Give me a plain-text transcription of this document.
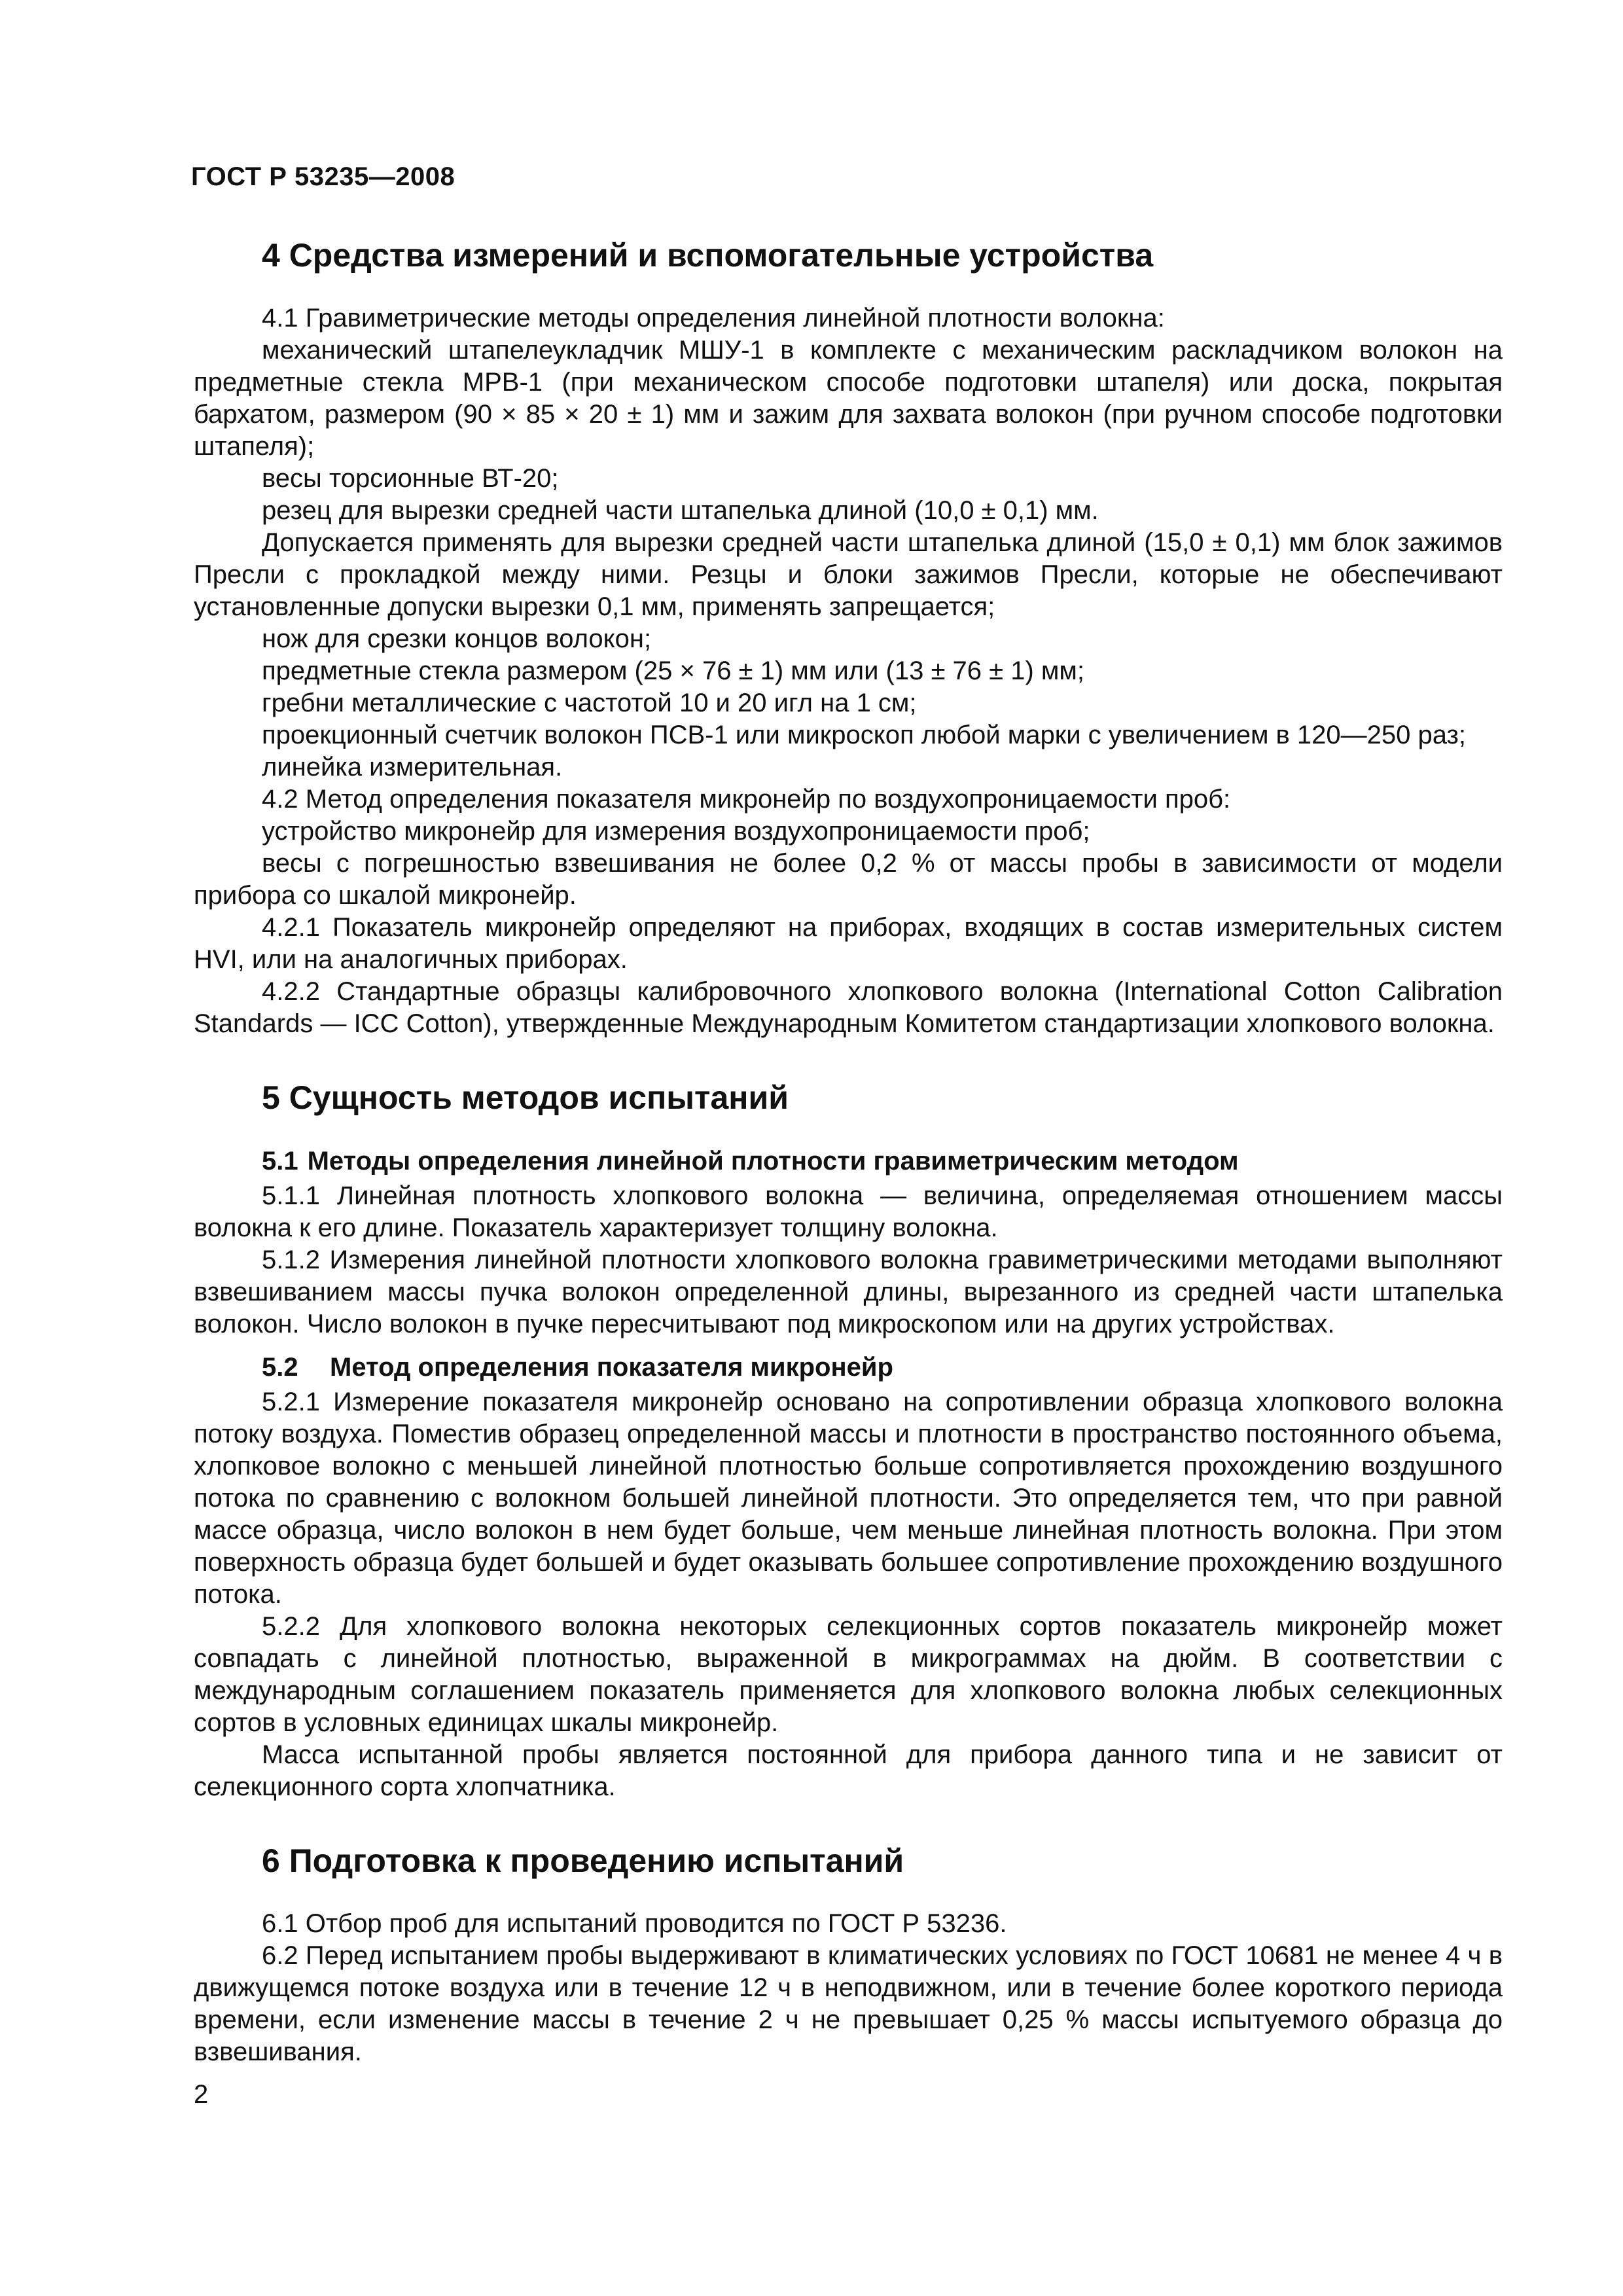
ГОСТ Р 53235—2008
4 Средства измерений и вспомогательные устройства

4.1 Гравиметрические методы определения линейной плотности волокна:

механический штапелеукладчик МШУ-1 в комплекте с механическим раскладчиком волокон на предметные стекла МРВ-1 (при механическом способе подготовки штапеля) или доска, покрытая бархатом, размером (90 × 85 × 20 ± 1) мм и зажим для захвата волокон (при ручном способе подготовки штапеля);

весы торсионные ВТ-20;

резец для вырезки средней части штапелька длиной (10,0 ± 0,1) мм.

Допускается применять для вырезки средней части штапелька длиной (15,0 ± 0,1) мм блок зажимов Пресли с прокладкой между ними. Резцы и блоки зажимов Пресли, которые не обеспечивают установленные допуски вырезки 0,1 мм, применять запрещается;

нож для срезки концов волокон;

предметные стекла размером (25 × 76 ± 1) мм или (13 ± 76 ± 1) мм;

гребни металлические с частотой 10 и 20 игл на 1 см;

проекционный счетчик волокон ПСВ-1 или микроскоп любой марки с увеличением в 120—250 раз;

линейка измерительная.

4.2 Метод определения показателя микронейр по воздухопроницаемости проб:

устройство микронейр для измерения воздухопроницаемости проб;

весы с погрешностью взвешивания не более 0,2 % от массы пробы в зависимости от модели прибора со шкалой микронейр.

4.2.1 Показатель микронейр определяют на приборах, входящих в состав измерительных систем HVI, или на аналогичных приборах.

4.2.2 Стандартные образцы калибровочного хлопкового волокна (International Cotton Calibration Standards — ICC Cotton), утвержденные Международным Комитетом стандартизации хлопкового волокна.

5 Сущность методов испытаний
5.1 Методы определения линейной плотности гравиметрическим методом

5.1.1 Линейная плотность хлопкового волокна — величина, определяемая отношением массы волокна к его длине. Показатель характеризует толщину волокна.

5.1.2 Измерения линейной плотности хлопкового волокна гравиметрическими методами выполняют взвешиванием массы пучка волокон определенной длины, вырезанного из средней части штапелька волокон. Число волокон в пучке пересчитывают под микроскопом или на других устройствах.

5.2 Метод определения показателя микронейр

5.2.1 Измерение показателя микронейр основано на сопротивлении образца хлопкового волокна потоку воздуха. Поместив образец определенной массы и плотности в пространство постоянного объема, хлопковое волокно с меньшей линейной плотностью больше сопротивляется прохождению воздушного потока по сравнению с волокном большей линейной плотности. Это определяется тем, что при равной массе образца, число волокон в нем будет больше, чем меньше линейная плотность волокна. При этом поверхность образца будет большей и будет оказывать большее сопротивление прохождению воздушного потока.

5.2.2 Для хлопкового волокна некоторых селекционных сортов показатель микронейр может совпадать с линейной плотностью, выраженной в микрограммах на дюйм. В соответствии с международным соглашением показатель применяется для хлопкового волокна любых селекционных сортов в условных единицах шкалы микронейр.

Масса испытанной пробы является постоянной для прибора данного типа и не зависит от селекционного сорта хлопчатника.

6 Подготовка к проведению испытаний

6.1 Отбор проб для испытаний проводится по ГОСТ Р 53236.

6.2 Перед испытанием пробы выдерживают в климатических условиях по ГОСТ 10681 не менее 4 ч в движущемся потоке воздуха или в течение 12 ч в неподвижном, или в течение более короткого периода времени, если изменение массы в течение 2 ч не превышает 0,25 % массы испытуемого образца до взвешивания.

2
